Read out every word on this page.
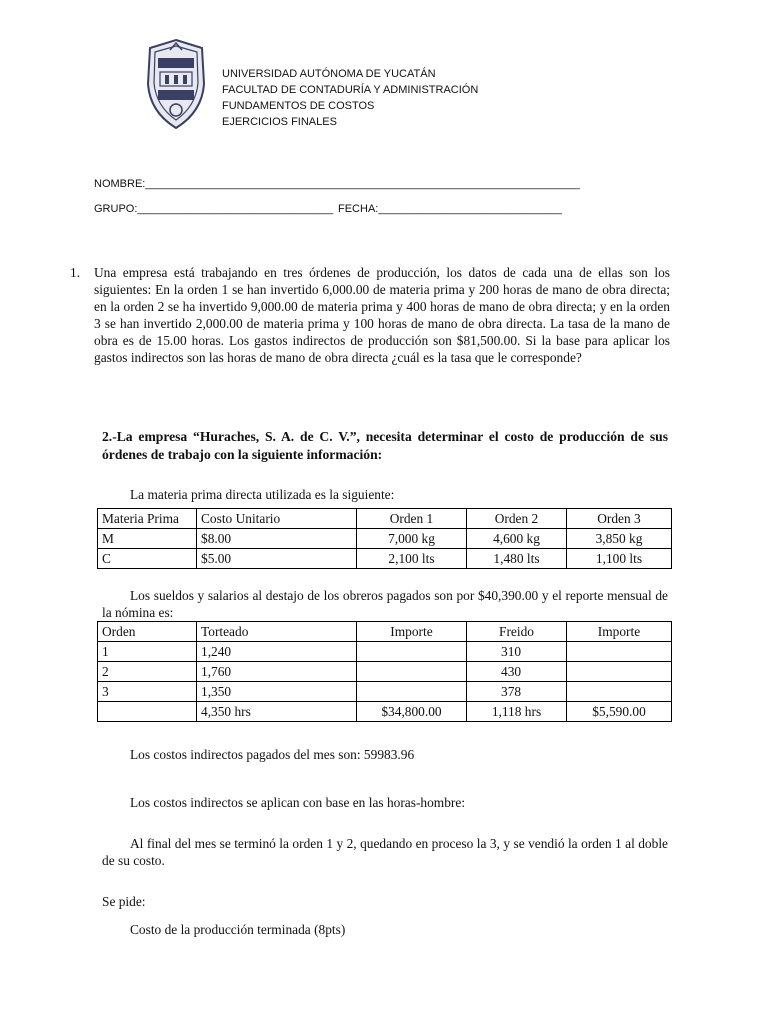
UNIVERSIDAD AUTÓNOMA DE YUCATÁN
FACULTAD DE CONTADURÍA Y ADMINISTRACIÓN
FUNDAMENTOS DE COSTOS
EJERCICIOS FINALES
NOMBRE:_______________________________________________________________________
GRUPO:________________________________ FECHA:______________________________
1. Una empresa está trabajando en tres órdenes de producción, los datos de cada una de ellas son los siguientes: En la orden 1 se han invertido 6,000.00 de materia prima y 200 horas de mano de obra directa; en la orden 2 se ha invertido 9,000.00 de materia prima y 400 horas de mano de obra directa; y en la orden 3 se han invertido 2,000.00 de materia prima y 100 horas de mano de obra directa. La tasa de la mano de obra es de 15.00 horas. Los gastos indirectos de producción son $81,500.00. Si la base para aplicar los gastos indirectos son las horas de mano de obra directa ¿cuál es la tasa que le corresponde?
2.-La empresa “Huraches, S. A. de C. V.”, necesita determinar el costo de producción de sus órdenes de trabajo con la siguiente información:
La materia prima directa utilizada es la siguiente:
Materia Prima	Costo Unitario	Orden 1	Orden 2	Orden 3
M	$8.00	7,000 kg	4,600 kg	3,850 kg
C	$5.00	2,100 lts	1,480 lts	1,100 lts
Los sueldos y salarios al destajo de los obreros pagados son por $40,390.00 y el reporte mensual de la nómina es:
Orden	Torteado	Importe	Freido	Importe
1	1,240		310	
2	1,760		430	
3	1,350		378	
	4,350 hrs	$34,800.00	1,118 hrs	$5,590.00
Los costos indirectos pagados del mes son: 59983.96
Los costos indirectos se aplican con base en las horas-hombre:
Al final del mes se terminó la orden 1 y 2, quedando en proceso la 3, y se vendió la orden 1 al doble de su costo.
Se pide:
Costo de la producción terminada (8pts)
